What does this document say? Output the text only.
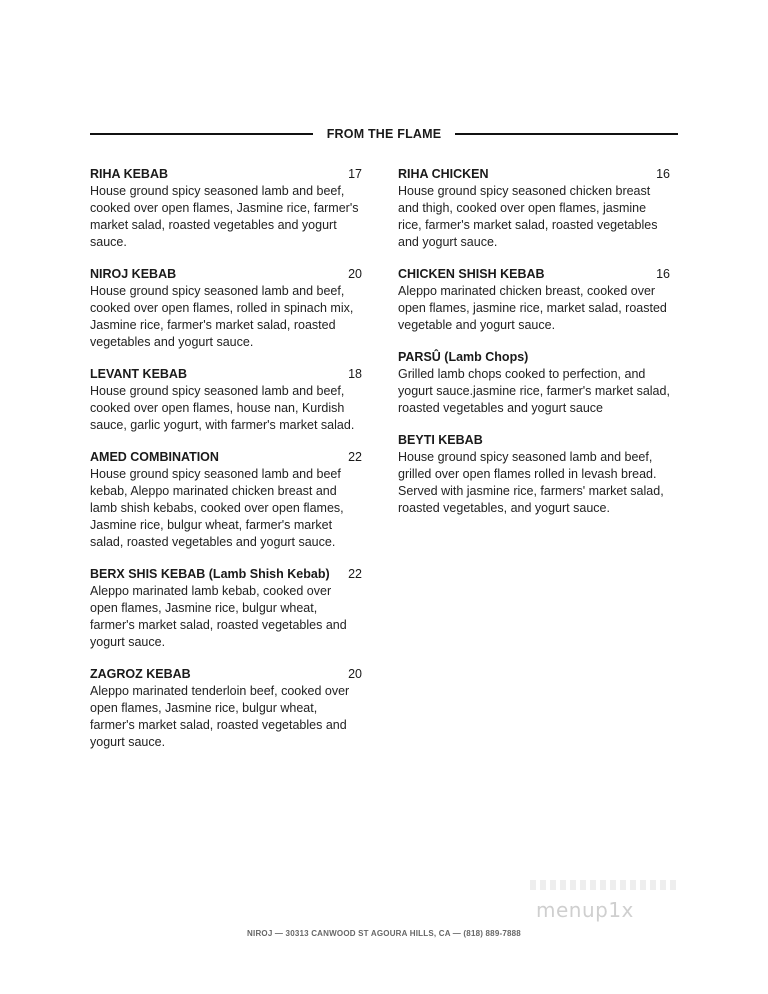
FROM THE FLAME
RIHA KEBAB	17
House ground spicy seasoned lamb and beef, cooked over open flames, Jasmine rice, farmer's market salad, roasted vegetables and yogurt sauce.
NIROJ KEBAB	20
House ground spicy seasoned lamb and beef, cooked over open flames, rolled in spinach mix, Jasmine rice, farmer's market salad, roasted vegetables and yogurt sauce.
LEVANT KEBAB	18
House ground spicy seasoned lamb and beef, cooked over open flames, house nan, Kurdish sauce, garlic yogurt, with farmer's market salad.
AMED COMBINATION	22
House ground spicy seasoned lamb and beef kebab, Aleppo marinated chicken breast and lamb shish kebabs, cooked over open flames, Jasmine rice, bulgur wheat, farmer's market salad, roasted vegetables and yogurt sauce.
BERX SHIS KEBAB (Lamb Shish Kebab) 22
Aleppo marinated lamb kebab, cooked over open flames, Jasmine rice, bulgur wheat, farmer's market salad, roasted vegetables and yogurt sauce.
ZAGROZ KEBAB	20
Aleppo marinated tenderloin beef, cooked over open flames, Jasmine rice, bulgur wheat, farmer's market salad, roasted vegetables and yogurt sauce.
RIHA CHICKEN	16
House ground spicy seasoned chicken breast and thigh, cooked over open flames, jasmine rice, farmer's market salad, roasted vegetables and yogurt sauce.
CHICKEN SHISH KEBAB	16
Aleppo marinated chicken breast, cooked over open flames, jasmine rice, market salad, roasted vegetable and yogurt sauce.
PARSÛ (Lamb Chops)
Grilled lamb chops cooked to perfection, and yogurt sauce.jasmine rice, farmer's market salad, roasted vegetables and yogurt sauce
BEYTI KEBAB
House ground spicy seasoned lamb and beef, grilled over open flames rolled in levash bread. Served with jasmine rice, farmers' market salad, roasted vegetables, and yogurt sauce.
menup1x
NIROJ — 30313 CANWOOD ST AGOURA HILLS, CA — (818) 889-7888
